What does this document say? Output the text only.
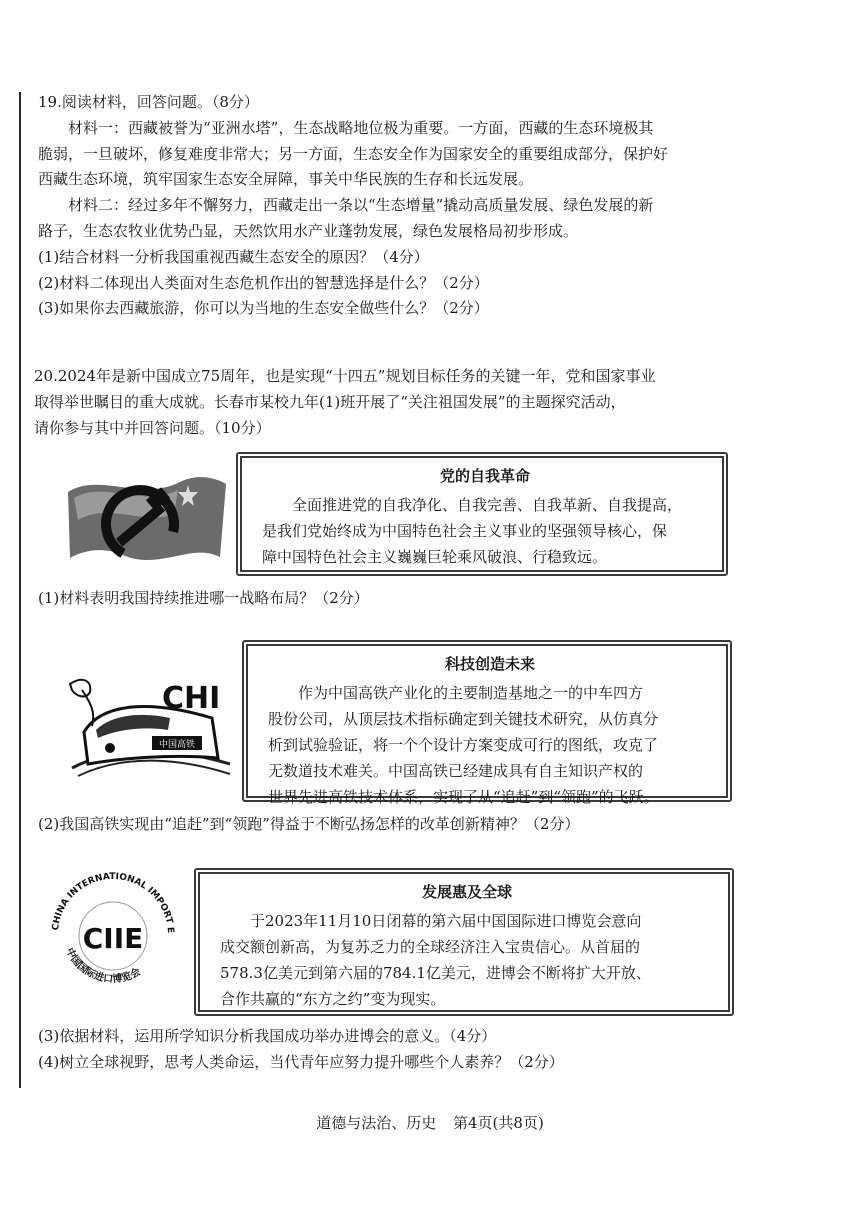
19.阅读材料，回答问题。（8分）

材料一：西藏被誉为“亚洲水塔”，生态战略地位极为重要。一方面，西藏的生态环境极其

脆弱，一旦破坏，修复难度非常大；另一方面，生态安全作为国家安全的重要组成部分，保护好

西藏生态环境，筑牢国家生态安全屏障，事关中华民族的生存和长远发展。

材料二：经过多年不懈努力，西藏走出一条以“生态增量”撬动高质量发展、绿色发展的新

路子，生态农牧业优势凸显，天然饮用水产业蓬勃发展，绿色发展格局初步形成。

(1)结合材料一分析我国重视西藏生态安全的原因？（4分）

(2)材料二体现出人类面对生态危机作出的智慧选择是什么？（2分）

(3)如果你去西藏旅游，你可以为当地的生态安全做些什么？（2分）

20.2024年是新中国成立75周年，也是实现“十四五”规划目标任务的关键一年，党和国家事业

取得举世瞩目的重大成就。长春市某校九年(1)班开展了“关注祖国发展”的主题探究活动，

请你参与其中并回答问题。（10分）

党的自我革命

全面推进党的自我净化、自我完善、自我革新、自我提高，

是我们党始终成为中国特色社会主义事业的坚强领导核心，保

障中国特色社会主义巍巍巨轮乘风破浪、行稳致远。

(1)材料表明我国持续推进哪一战略布局？（2分）

中国高铁
CHI

科技创造未来

作为中国高铁产业化的主要制造基地之一的中车四方

股份公司，从顶层技术指标确定到关键技术研究，从仿真分

析到试验验证，将一个个设计方案变成可行的图纸，攻克了

无数道技术难关。中国高铁已经建成具有自主知识产权的

世界先进高铁技术体系，实现了从“追赶”到“领跑”的飞跃。

(2)我国高铁实现由“追赶”到“领跑”得益于不断弘扬怎样的改革创新精神？（2分）

CHINA INTERNATIONAL IMPORT E
中国国际进口博览会
CIIE

发展惠及全球

于2023年11月10日闭幕的第六届中国国际进口博览会意向

成交额创新高，为复苏乏力的全球经济注入宝贵信心。从首届的

578.3亿美元到第六届的784.1亿美元，进博会不断将扩大开放、

合作共赢的“东方之约”变为现实。

(3)依据材料，运用所学知识分析我国成功举办进博会的意义。（4分）

(4)树立全球视野，思考人类命运，当代青年应努力提升哪些个人素养？（2分）

道德与法治、历史 第4页(共8页)
